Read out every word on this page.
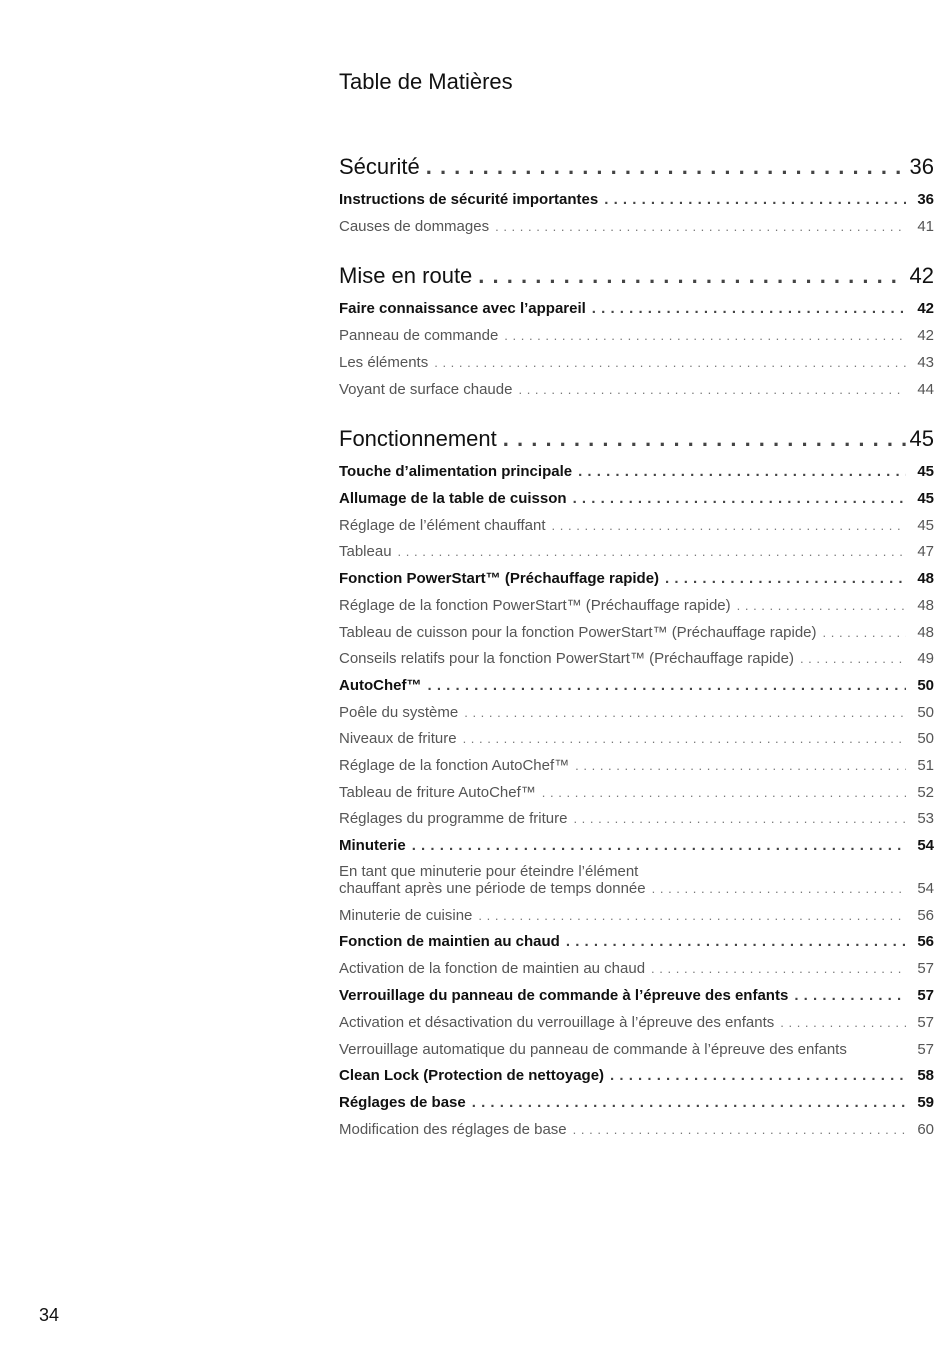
Table de Matières
Sécurité . . .	36
Instructions de sécurité importantes . . .	36
Causes de dommages . . .	41
Mise en route . . .	42
Faire connaissance avec l’appareil . . .	42
Panneau de commande . . .	42
Les éléments . . .	43
Voyant de surface chaude . . .	44
Fonctionnement . . .	45
Touche d’alimentation principale . . .	45
Allumage de la table de cuisson . . .	45
Réglage de l’élément chauffant . . .	45
Tableau . . .	47
Fonction PowerStart™ (Préchauffage rapide) . . .	48
Réglage de la fonction PowerStart™ (Préchauffage rapide) . . .	48
Tableau de cuisson pour la fonction PowerStart™ (Préchauffage rapide) . . .	48
Conseils relatifs pour la fonction PowerStart™ (Préchauffage rapide) . . .	49
AutoChef™ . . .	50
Poêle du système . . .	50
Niveaux de friture . . .	50
Réglage de la fonction AutoChef™ . . .	51
Tableau de friture AutoChef™ . . .	52
Réglages du programme de friture . . .	53
Minuterie . . .	54
En tant que minuterie pour éteindre l’élément
chauffant après une période de temps donnée . . .	54
Minuterie de cuisine . . .	56
Fonction de maintien au chaud . . .	56
Activation de la fonction de maintien au chaud . . .	57
Verrouillage du panneau de commande à l’épreuve des enfants . . .	57
Activation et désactivation du verrouillage à l’épreuve des enfants . . .	57
Verrouillage automatique du panneau de commande à l’épreuve des enfants	57
Clean Lock (Protection de nettoyage) . . .	58
Réglages de base . . .	59
Modification des réglages de base . . .	60
34
